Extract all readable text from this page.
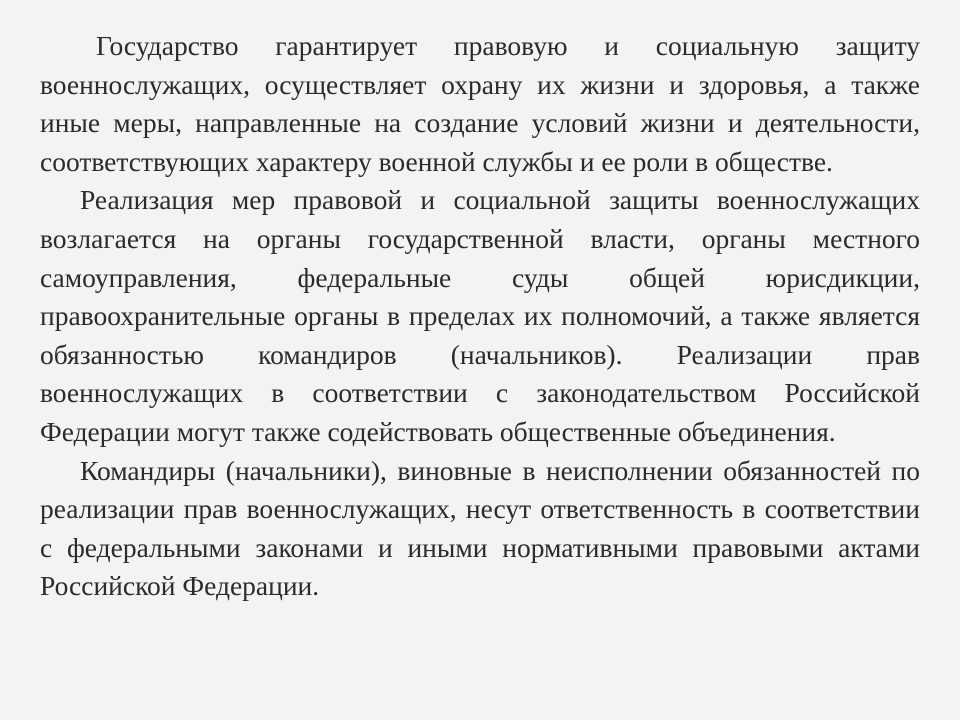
Государство гарантирует правовую и социальную защиту военнослужащих, осуществляет охрану их жизни и здоровья, а также иные меры, направленные на создание условий жизни и деятельности, соответствующих характеру военной службы и ее роли в обществе.

Реализация мер правовой и социальной защиты военнослужащих возлагается на органы государственной власти, органы местного самоуправления, федеральные суды общей юрисдикции, правоохранительные органы в пределах их полномочий, а также является обязанностью командиров (начальников). Реализации прав военнослужащих в соответствии с законодательством Российской Федерации могут также содействовать общественные объединения.

Командиры (начальники), виновные в неисполнении обязанностей по реализации прав военнослужащих, несут ответственность в соответствии с федеральными законами и иными нормативными правовыми актами Российской Федерации.
